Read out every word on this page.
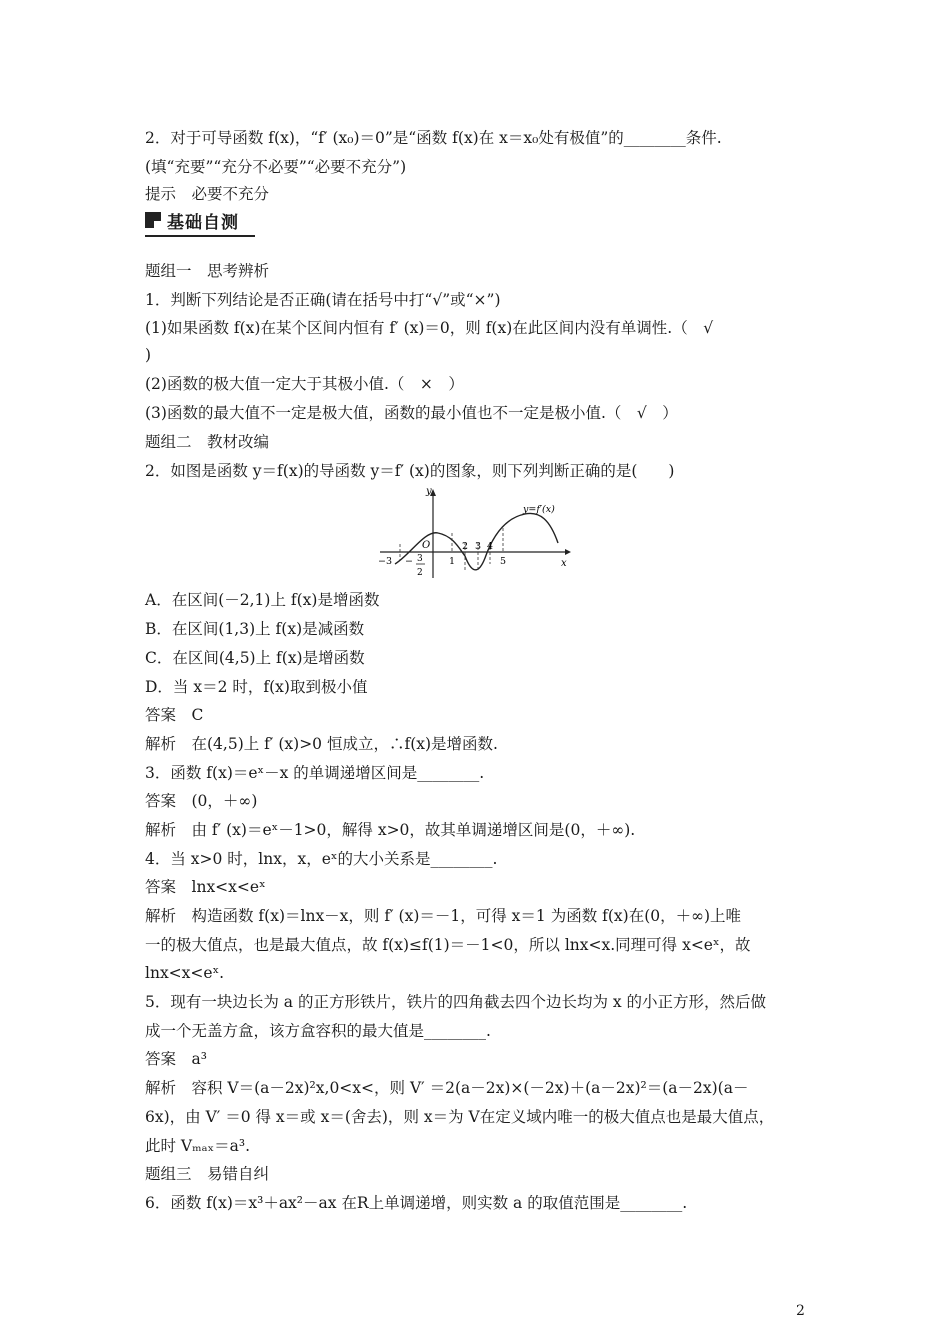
2．对于可导函数 f(x)，“f′ (x₀)＝0”是“函数 f(x)在 x＝x₀处有极值”的________条件.
(填“充要”“充分不必要”“必要不充分”)
提示　必要不充分
基础自测
题组一　思考辨析
1．判断下列结论是否正确(请在括号中打“√”或“×”)
(1)如果函数 f(x)在某个区间内恒有 f′ (x)＝0，则 f(x)在此区间内没有单调性.（　√
)
(2)函数的极大值一定大于其极小值.（　×　）
(3)函数的最大值不一定是极大值，函数的最小值也不一定是极小值.（　√　）
题组二　教材改编
2．如图是函数 y＝f(x)的导函数 y＝f′ (x)的图象，则下列判断正确的是(　　)
y
x
O
y=f′(x)
−3 − 3
2
1
2 3 4
5
A．在区间(－2,1)上 f(x)是增函数
B．在区间(1,3)上 f(x)是减函数
C．在区间(4,5)上 f(x)是增函数
D．当 x＝2 时，f(x)取到极小值
答案　C
解析　在(4,5)上 f′ (x)>0 恒成立，∴f(x)是增函数.
3．函数 f(x)＝eˣ－x 的单调递增区间是________.
答案　(0，＋∞)
解析　由 f′ (x)＝eˣ－1>0，解得 x>0，故其单调递增区间是(0，＋∞).
4．当 x>0 时，lnx，x，eˣ的大小关系是________.
答案　lnx<x<eˣ
解析　构造函数 f(x)＝lnx－x，则 f′ (x)＝－1，可得 x＝1 为函数 f(x)在(0，＋∞)上唯
一的极大值点，也是最大值点，故 f(x)≤f(1)＝－1<0，所以 lnx<x.同理可得 x<eˣ，故
lnx<x<eˣ.
5．现有一块边长为 a 的正方形铁片，铁片的四角截去四个边长均为 x 的小正方形，然后做
成一个无盖方盒，该方盒容积的最大值是________.
答案　a³
解析　容积 V＝(a－2x)²x,0<x<，则 V′ ＝2(a－2x)×(－2x)＋(a－2x)²＝(a－2x)(a－
6x)，由 V′ ＝0 得 x＝或 x＝(舍去)，则 x＝为 V在定义域内唯一的极大值点也是最大值点，
此时 Vₘₐₓ＝a³.
题组三　易错自纠
6．函数 f(x)＝x³＋ax²－ax 在R上单调递增，则实数 a 的取值范围是________.
2
